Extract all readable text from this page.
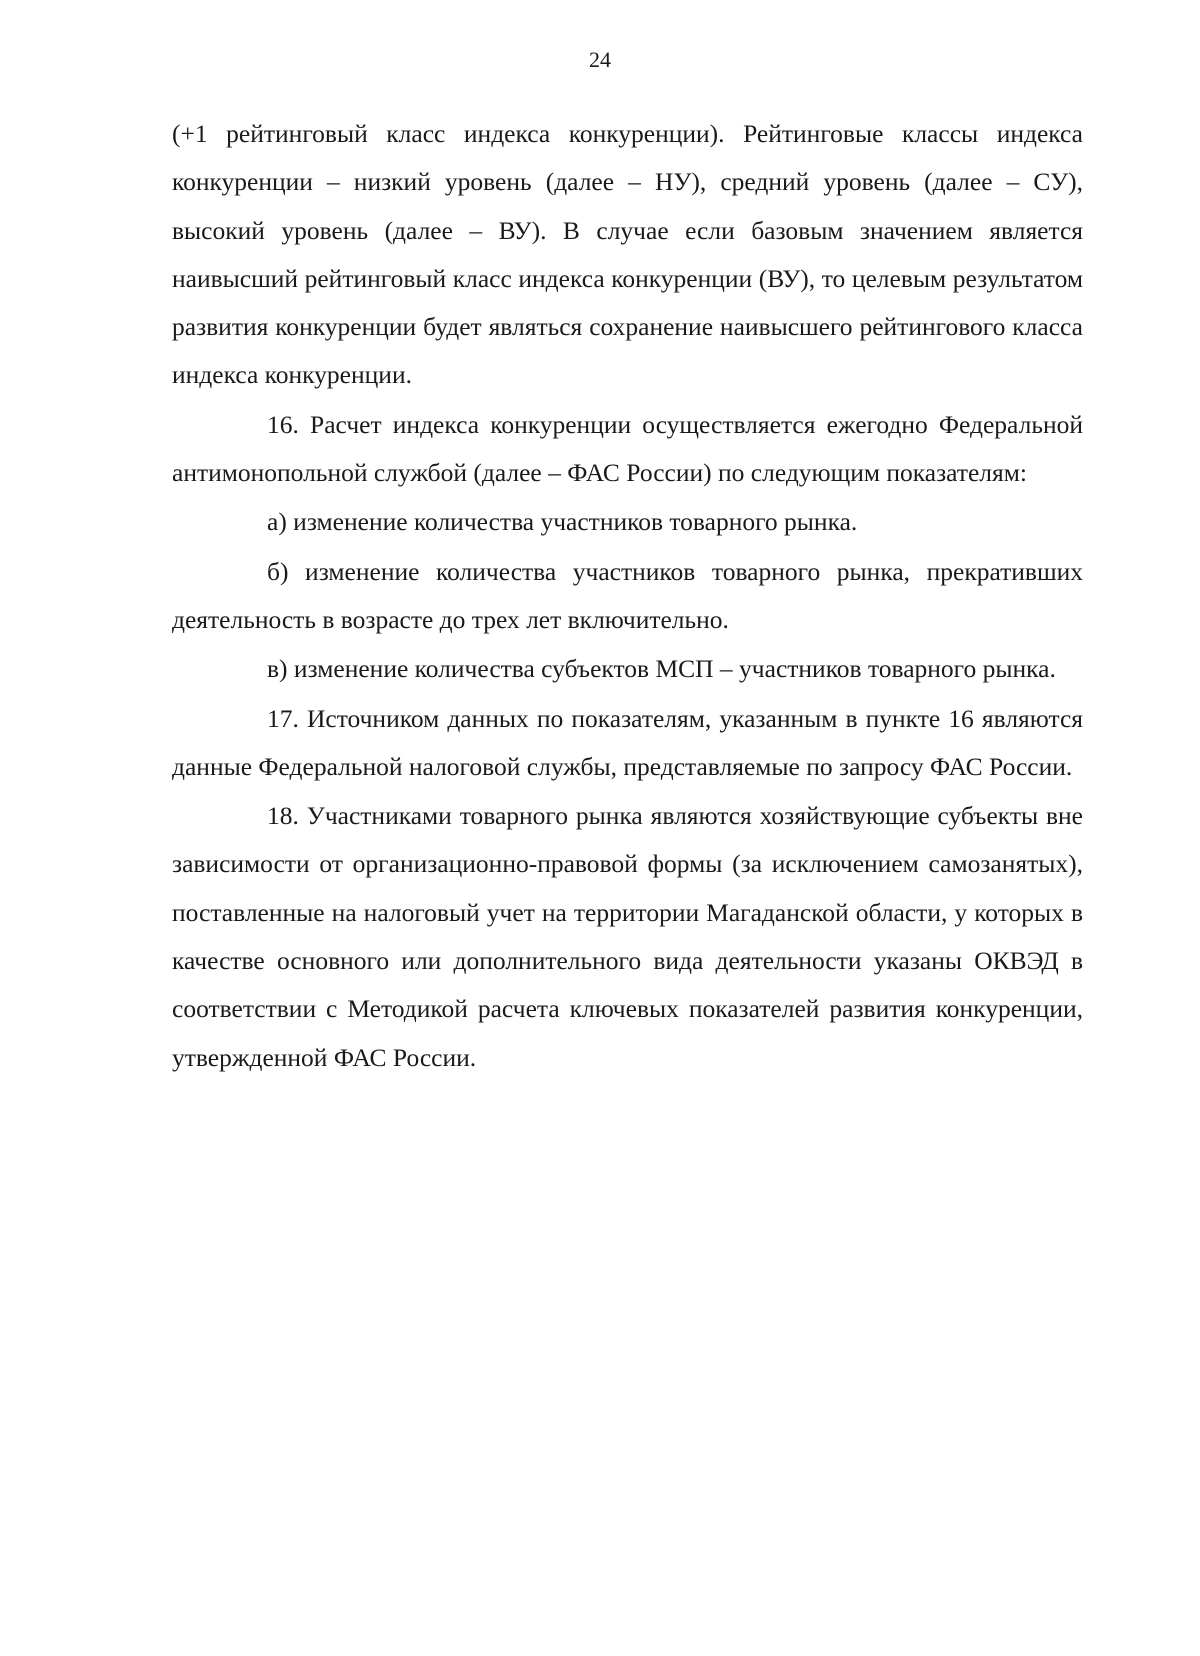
24

(+1 рейтинговый класс индекса конкуренции). Рейтинговые классы индекса конкуренции – низкий уровень (далее – НУ), средний уровень (далее – СУ), высокий уровень (далее – ВУ). В случае если базовым значением является наивысший рейтинговый класс индекса конкуренции (ВУ), то целевым результатом развития конкуренции будет являться сохранение наивысшего рейтингового класса индекса конкуренции.

16. Расчет индекса конкуренции осуществляется ежегодно Федеральной антимонопольной службой (далее – ФАС России) по следующим показателям:

а) изменение количества участников товарного рынка.

б) изменение количества участников товарного рынка, прекративших деятельность в возрасте до трех лет включительно.

в) изменение количества субъектов МСП – участников товарного рынка.

17. Источником данных по показателям, указанным в пункте 16 являются данные Федеральной налоговой службы, представляемые по запросу ФАС России.

18. Участниками товарного рынка являются хозяйствующие субъекты вне зависимости от организационно-правовой формы (за исключением самозанятых), поставленные на налоговый учет на территории Магаданской области, у которых в качестве основного или дополнительного вида деятельности указаны ОКВЭД в соответствии с Методикой расчета ключевых показателей развития конкуренции, утвержденной ФАС России.
